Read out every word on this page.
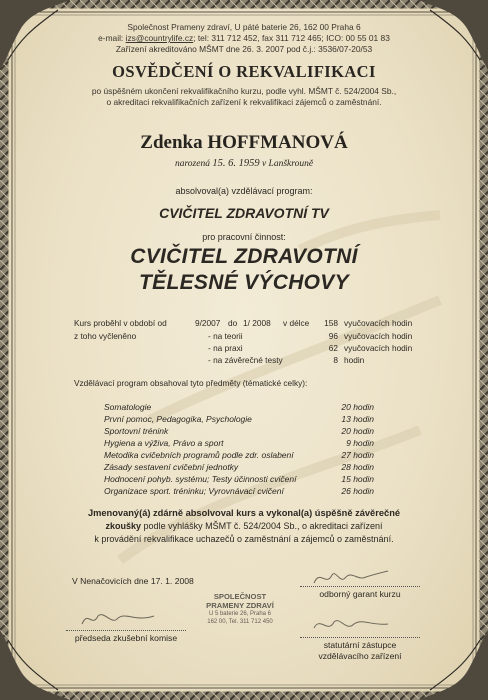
Společnost Prameny zdraví, U páté baterie 26, 162 00 Praha 6
e-mail: izs@countrylife.cz; tel: 311 712 452, fax 311 712 465; ICO: 00 55 01 83
Zařízení akreditováno MŠMT dne 26. 3. 2007 pod č.j.: 3536/07-20/53
OSVĚDČENÍ O REKVALIFIKACI
po úspěšném ukončení rekvalifikačního kurzu, podle vyhl. MŠMT č. 524/2004 Sb.,
o akreditaci rekvalifikačních zařízení k rekvalifikaci zájemců o zaměstnání.
Zdenka HOFFMANOVÁ
narozená 15. 6. 1959 v Lanškrouně
absolvoval(a) vzdělávací program:
CVIČITEL ZDRAVOTNÍ TV
pro pracovní činnost:
CVIČITEL ZDRAVOTNÍ
TĚLESNÉ VÝCHOVY
Kurs proběhl v období od	9/2007 do 1/ 2008 v délce	158 vyučovacích hodin
z toho vyčleněno	- na teorii	96 vyučovacích hodin
- na praxi	62 vyučovacích hodin
- na závěrečné testy	8 hodin
Vzdělávací program obsahoval tyto předměty (tématické celky):
Somatologie	20 hodin
První pomoc, Pedagogika, Psychologie	13 hodin
Sportovní trénink	20 hodin
Hygiena a výživa, Právo a sport	9 hodin
Metodika cvičebních programů podle zdr. oslabení	27 hodin
Zásady sestavení cvičební jednotky	28 hodin
Hodnocení pohyb. systému; Testy účinnosti cvičení	15 hodin
Organizace sport. tréninku; Vyrovnávací cvičení	26 hodin
Jmenovaný(á) zdárně absolvoval kurs a vykonal(a) úspěšně závěrečné
zkoušky podle vyhlášky MŠMT č. 524/2004 Sb., o akreditaci zařízení
k provádění rekvalifikace uchazečů o zaměstnání a zájemců o zaměstnání.
V Nenačovicích dne 17. 1. 2008
SPOLEČNOST
PRAMENY ZDRAVÍ
U 5 baterie 26, Praha 6
162 00, Tel. 311 712 450
odborný garant kurzu
předseda zkušební komise
statutární zástupce
vzdělávacího zařízení
